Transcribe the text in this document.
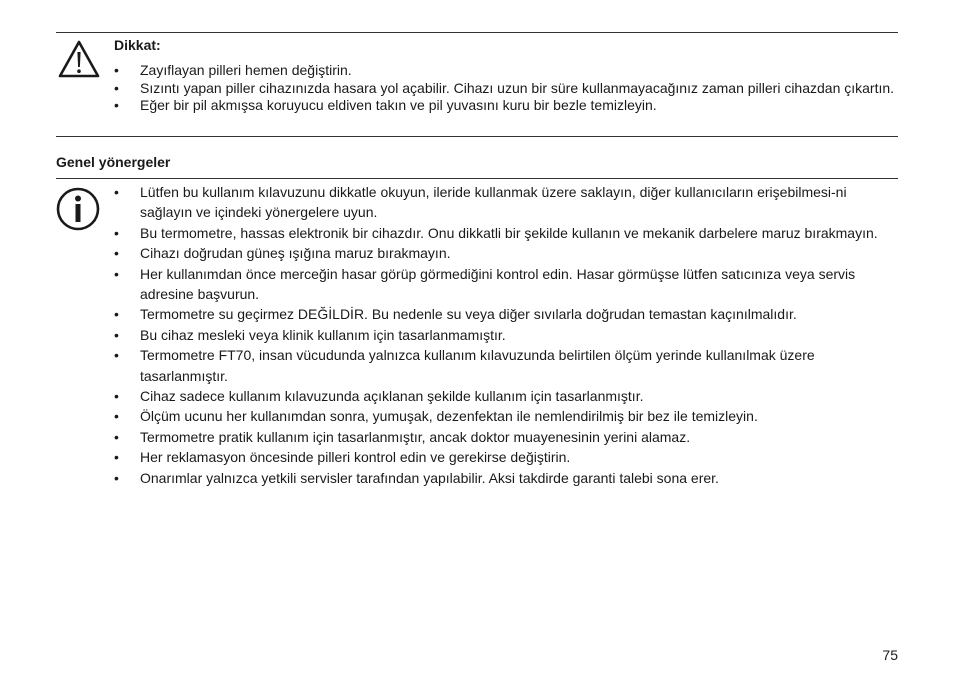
Dikkat:
• Zayıflayan pilleri hemen değiştirin.
• Sızıntı yapan piller cihazınızda hasara yol açabilir. Cihazı uzun bir süre kullanmayacağınız zaman pilleri cihazdan çıkartın.
• Eğer bir pil akmışsa koruyucu eldiven takın ve pil yuvasını kuru bir bezle temizleyin.
Genel yönergeler
• Lütfen bu kullanım kılavuzunu dikkatle okuyun, ileride kullanmak üzere saklayın, diğer kullanıcıların erişebilmesi-ni sağlayın ve içindeki yönergelere uyun.
• Bu termometre, hassas elektronik bir cihazdır. Onu dikkatli bir şekilde kullanın ve mekanik darbelere maruz bırakmayın.
• Cihazı doğrudan güneş ışığına maruz bırakmayın.
• Her kullanımdan önce merceğin hasar görüp görmediğini kontrol edin. Hasar görmüşse lütfen satıcınıza veya servis adresine başvurun.
• Termometre su geçirmez DEĞİLDİR. Bu nedenle su veya diğer sıvılarla doğrudan temastan kaçınılmalıdır.
• Bu cihaz mesleki veya klinik kullanım için tasarlanmamıştır.
• Termometre FT70, insan vücudunda yalnızca kullanım kılavuzunda belirtilen ölçüm yerinde kullanılmak üzere tasarlanmıştır.
• Cihaz sadece kullanım kılavuzunda açıklanan şekilde kullanım için tasarlanmıştır.
• Ölçüm ucunu her kullanımdan sonra, yumuşak, dezenfektan ile nemlendirilmiş bir bez ile temizleyin.
• Termometre pratik kullanım için tasarlanmıştır, ancak doktor muayenesinin yerini alamaz.
• Her reklamasyon öncesinde pilleri kontrol edin ve gerekirse değiştirin.
• Onarımlar yalnızca yetkili servisler tarafından yapılabilir. Aksi takdirde garanti talebi sona erer.
75
